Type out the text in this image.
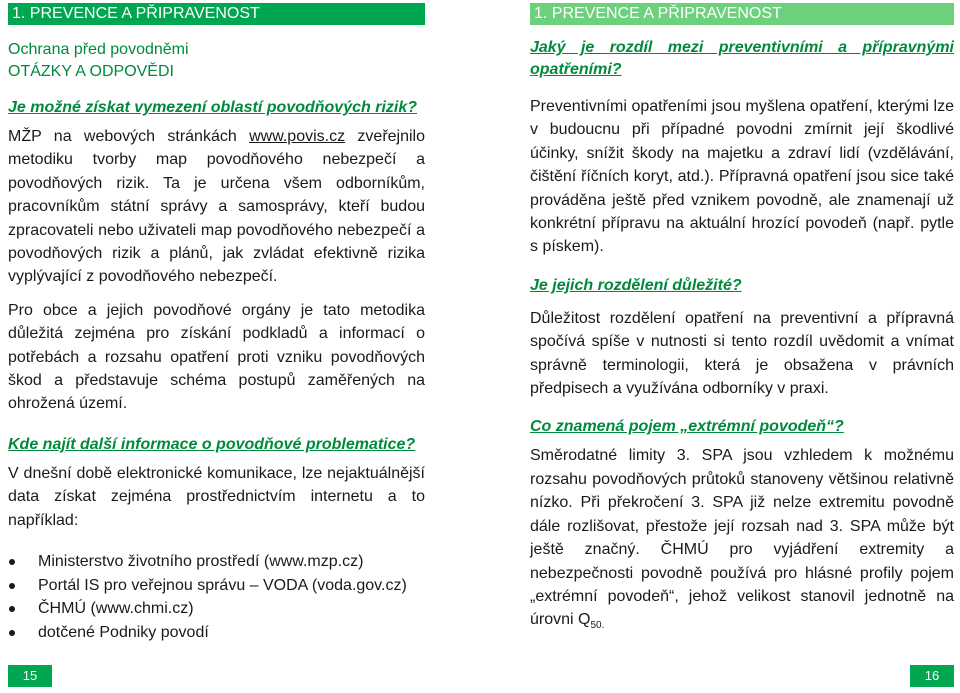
1. PREVENCE A PŘIPRAVENOST
Ochrana před povodněmi
OTÁZKY A ODPOVĚDI
Je možné získat vymezení oblastí povodňových rizik?

MŽP na webových stránkách www.povis.cz zveřejnilo metodiku tvorby map povodňového nebezpečí a povodňových rizik. Ta je určena všem odborníkům, pracovníkům státní správy a samosprávy, kteří budou zpracovateli nebo uživateli map povodňového nebezpečí a povodňových rizik a plánů, jak zvládat efektivně rizika vyplývající z povodňového nebezpečí.

Pro obce a jejich povodňové orgány je tato metodika důležitá zejména pro získání podkladů a informací o potřebách a rozsahu opatření proti vzniku povodňových škod a představuje schéma postupů zaměřených na ohrožená území.

Kde najít další informace o povodňové problematice?

V dnešní době elektronické komunikace, lze nejaktuálnější data získat zejména prostřednictvím internetu a to například:

Ministerstvo životního prostředí (www.mzp.cz)
Portál IS pro veřejnou správu – VODA (voda.gov.cz)
ČHMÚ (www.chmi.cz)
dotčené Podniky povodí
1. PREVENCE A PŘIPRAVENOST
Jaký je rozdíl mezi preventivními a přípravnými opatřeními?

Preventivními opatřeními jsou myšlena opatření, kterými lze v budoucnu při případné povodni zmírnit její škodlivé účinky, snížit škody na majetku a zdraví lidí (vzdělávání, čištění říčních koryt, atd.). Přípravná opatření jsou sice také prováděna ještě před vznikem povodně, ale znamenají už konkrétní přípravu na aktuální hrozící povodeň (např. pytle s pískem).

Je jejich rozdělení důležité?

Důležitost rozdělení opatření na preventivní a přípravná spočívá spíše v nutnosti si tento rozdíl uvědomit a vnímat správně terminologii, která je obsažena v právních předpisech a využívána odborníky v praxi.

Co znamená pojem „extrémní povodeň“?

Směrodatné limity 3. SPA jsou vzhledem k možnému rozsahu povodňových průtoků stanoveny většinou relativně nízko. Při překročení 3. SPA již nelze extremitu povodně dále rozlišovat, přestože její rozsah nad 3. SPA může být ještě značný. ČHMÚ pro vyjádření extremity a nebezpečnosti povodně používá pro hlásné profily pojem „extrémní povodeň“, jehož velikost stanovil jednotně na úrovni $Q_{50.}$

15	16
